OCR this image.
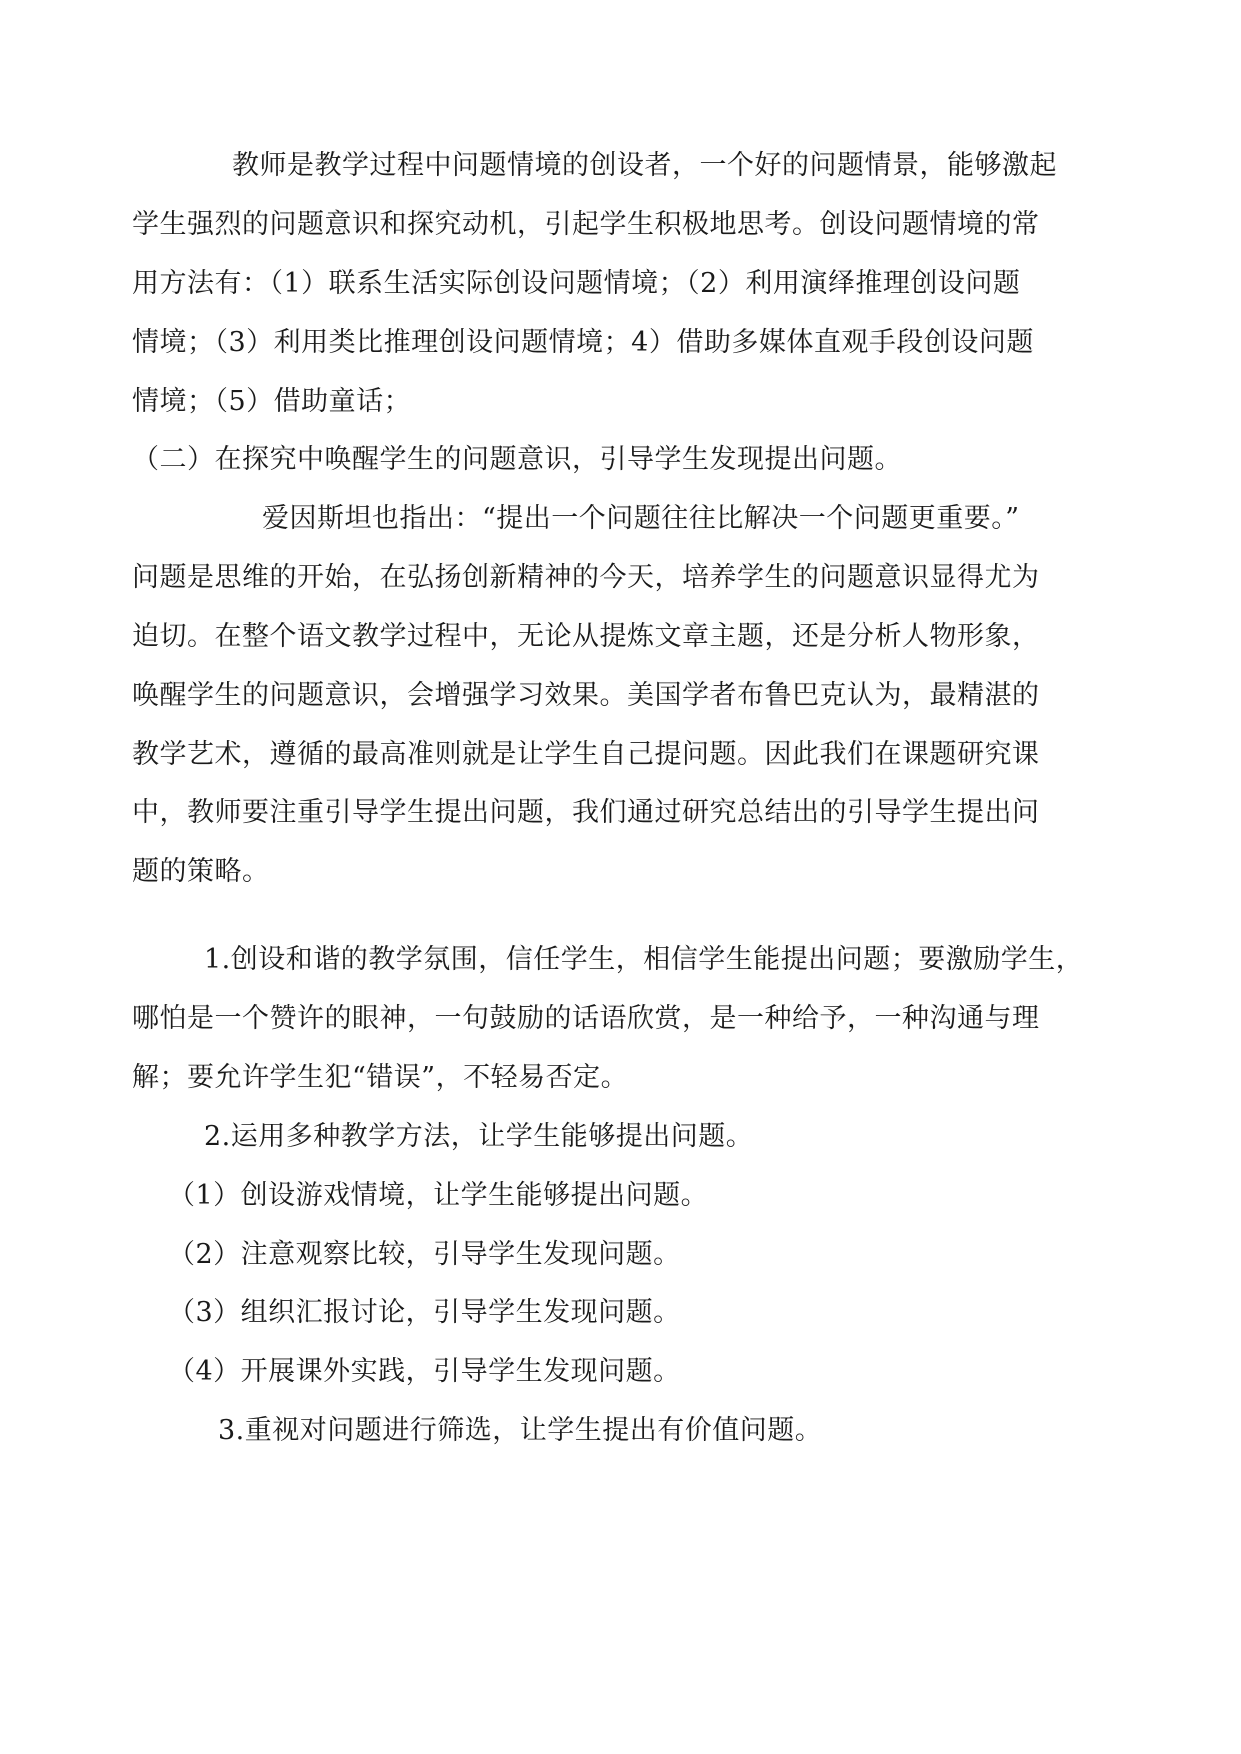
教师是教学过程中问题情境的创设者，一个好的问题情景，能够激起
学生强烈的问题意识和探究动机，引起学生积极地思考。创设问题情境的常
用方法有：（1）联系生活实际创设问题情境；（2）利用演绎推理创设问题
情境；（3）利用类比推理创设问题情境；4）借助多媒体直观手段创设问题
情境；（5）借助童话；
（二）在探究中唤醒学生的问题意识，引导学生发现提出问题。
爱因斯坦也指出：“提出一个问题往往比解决一个问题更重要。”
问题是思维的开始，在弘扬创新精神的今天，培养学生的问题意识显得尤为
迫切。在整个语文教学过程中，无论从提炼文章主题，还是分析人物形象，
唤醒学生的问题意识，会增强学习效果。美国学者布鲁巴克认为，最精湛的
教学艺术，遵循的最高准则就是让学生自己提问题。因此我们在课题研究课
中，教师要注重引导学生提出问题，我们通过研究总结出的引导学生提出问
题的策略。
1.创设和谐的教学氛围，信任学生，相信学生能提出问题；要激励学生，
哪怕是一个赞许的眼神，一句鼓励的话语欣赏，是一种给予，一种沟通与理
解；要允许学生犯“错误”，不轻易否定。
2.运用多种教学方法，让学生能够提出问题。
（1）创设游戏情境，让学生能够提出问题。
（2）注意观察比较，引导学生发现问题。
（3）组织汇报讨论，引导学生发现问题。
（4）开展课外实践，引导学生发现问题。
3.重视对问题进行筛选，让学生提出有价值问题。
